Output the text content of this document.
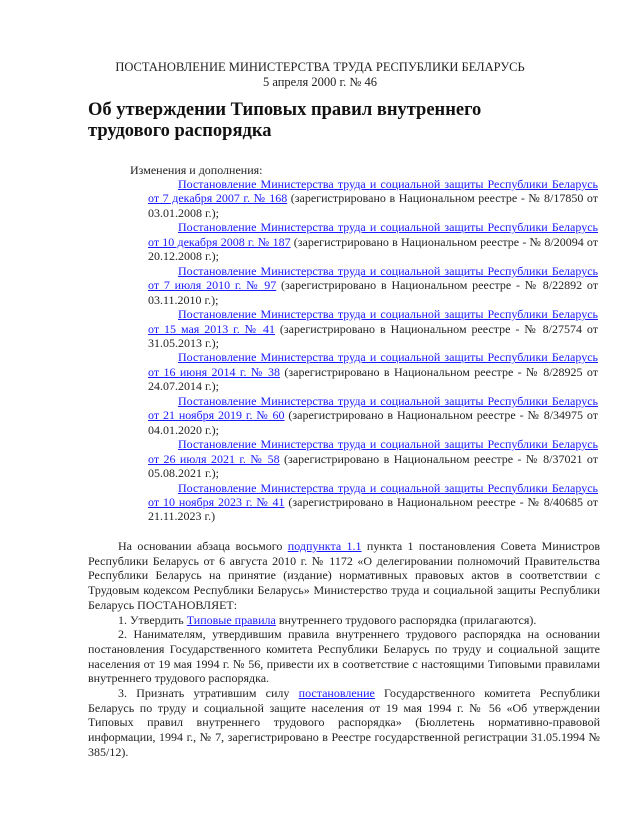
ПОСТАНОВЛЕНИЕ МИНИСТЕРСТВА ТРУДА РЕСПУБЛИКИ БЕЛАРУСЬ
5 апреля 2000 г. № 46
Об утверждении Типовых правил внутреннего трудового распорядка
Изменения и дополнения:

Постановление Министерства труда и социальной защиты Республики Беларусь от 7 декабря 2007 г. № 168 (зарегистрировано в Национальном реестре - № 8/17850 от 03.01.2008 г.);

Постановление Министерства труда и социальной защиты Республики Беларусь от 10 декабря 2008 г. № 187 (зарегистрировано в Национальном реестре - № 8/20094 от 20.12.2008 г.);

Постановление Министерства труда и социальной защиты Республики Беларусь от 7 июля 2010 г. № 97 (зарегистрировано в Национальном реестре - № 8/22892 от 03.11.2010 г.);

Постановление Министерства труда и социальной защиты Республики Беларусь от 15 мая 2013 г. № 41 (зарегистрировано в Национальном реестре - № 8/27574 от 31.05.2013 г.);

Постановление Министерства труда и социальной защиты Республики Беларусь от 16 июня 2014 г. № 38 (зарегистрировано в Национальном реестре - № 8/28925 от 24.07.2014 г.);

Постановление Министерства труда и социальной защиты Республики Беларусь от 21 ноября 2019 г. № 60 (зарегистрировано в Национальном реестре - № 8/34975 от 04.01.2020 г.);

Постановление Министерства труда и социальной защиты Республики Беларусь от 26 июля 2021 г. № 58 (зарегистрировано в Национальном реестре - № 8/37021 от 05.08.2021 г.);

Постановление Министерства труда и социальной защиты Республики Беларусь от 10 ноября 2023 г. № 41 (зарегистрировано в Национальном реестре - № 8/40685 от 21.11.2023 г.)

На основании абзаца восьмого подпункта 1.1 пункта 1 постановления Совета Министров Республики Беларусь от 6 августа 2010 г. № 1172 «О делегировании полномочий Правительства Республики Беларусь на принятие (издание) нормативных правовых актов в соответствии с Трудовым кодексом Республики Беларусь» Министерство труда и социальной защиты Республики Беларусь ПОСТАНОВЛЯЕТ:

1. Утвердить Типовые правила внутреннего трудового распорядка (прилагаются).

2. Нанимателям, утвердившим правила внутреннего трудового распорядка на основании постановления Государственного комитета Республики Беларусь по труду и социальной защите населения от 19 мая 1994 г. № 56, привести их в соответствие с настоящими Типовыми правилами внутреннего трудового распорядка.

3. Признать утратившим силу постановление Государственного комитета Республики Беларусь по труду и социальной защите населения от 19 мая 1994 г. № 56 «Об утверждении Типовых правил внутреннего трудового распорядка» (Бюллетень нормативно-правовой информации, 1994 г., № 7, зарегистрировано в Реестре государственной регистрации 31.05.1994 № 385/12).
